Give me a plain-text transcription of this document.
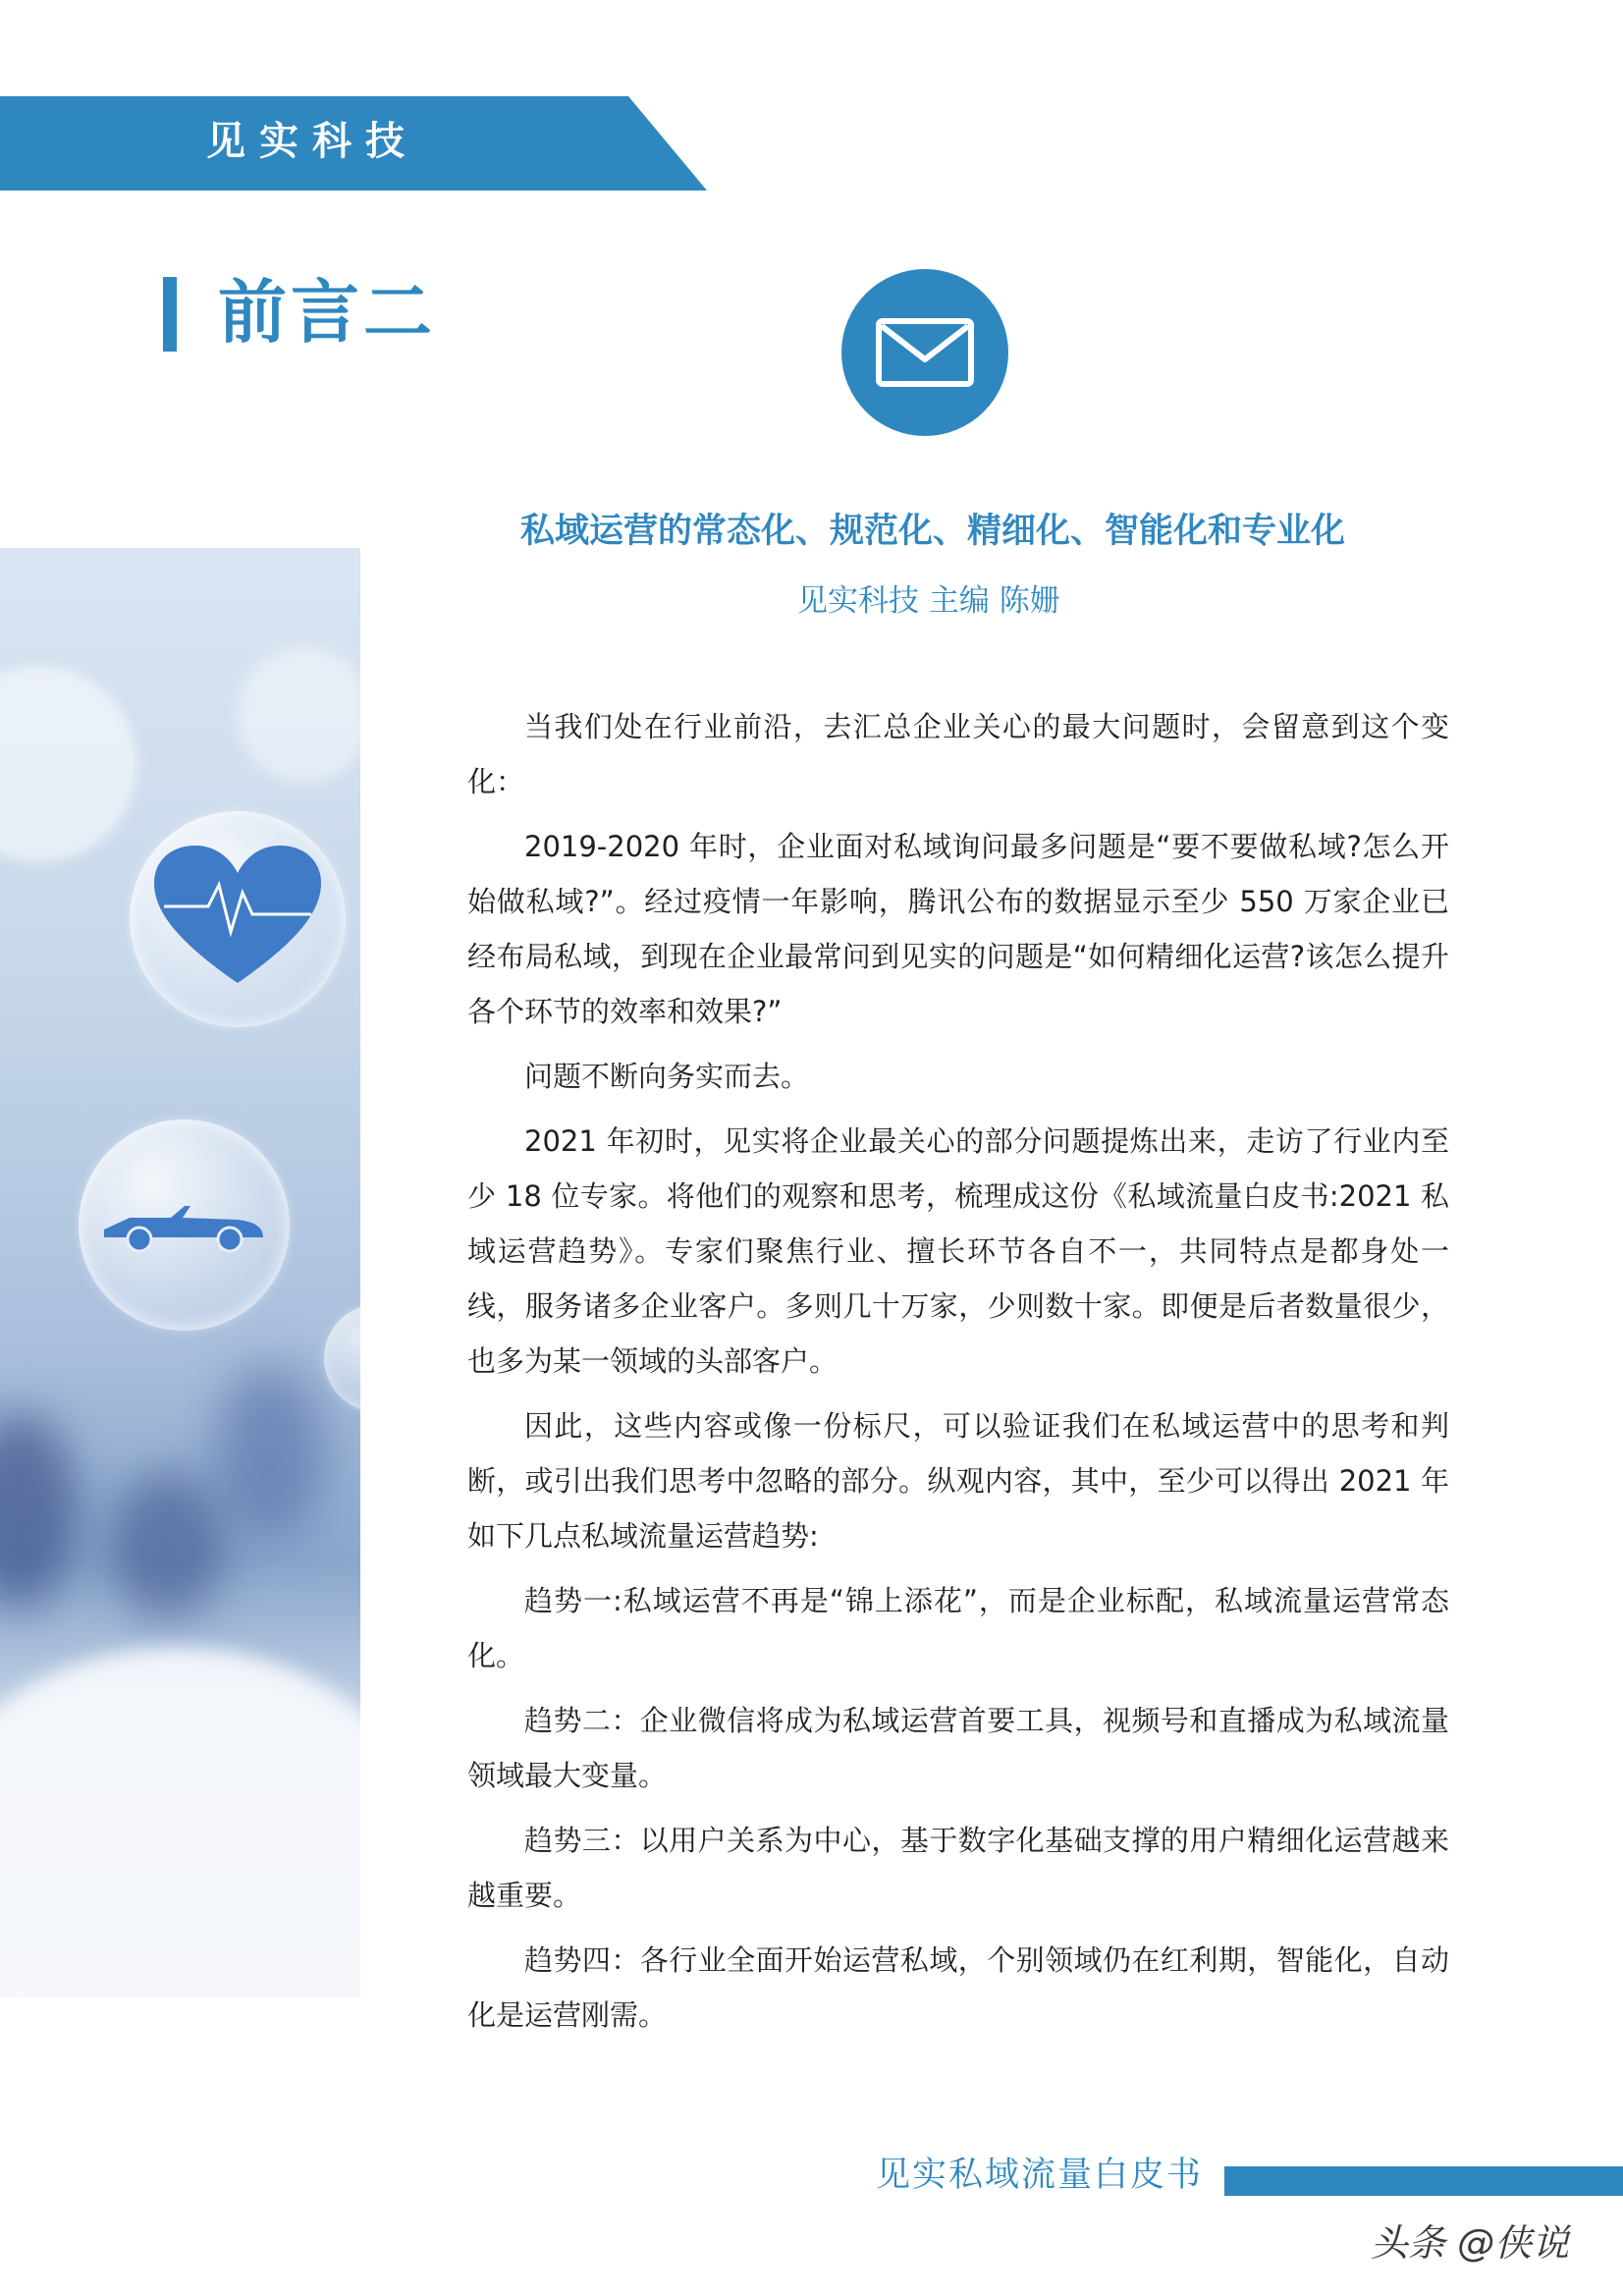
见实科技
前言二
私域运营的常态化、规范化、精细化、智能化和专业化
见实科技 主编 陈姗

当我们处在行业前沿，去汇总企业关心的最大问题时，会留意到这个变化：

2019-2020 年时，企业面对私域询问最多问题是“要不要做私域?怎么开始做私域?”。经过疫情一年影响，腾讯公布的数据显示至少 550 万家企业已经布局私域，到现在企业最常问到见实的问题是“如何精细化运营?该怎么提升各个环节的效率和效果?”

问题不断向务实而去。

2021 年初时，见实将企业最关心的部分问题提炼出来，走访了行业内至少 18 位专家。将他们的观察和思考，梳理成这份《私域流量白皮书:2021 私域运营趋势》。专家们聚焦行业、擅长环节各自不一，共同特点是都身处一线，服务诸多企业客户。多则几十万家，少则数十家。即便是后者数量很少，也多为某一领域的头部客户。

因此，这些内容或像一份标尺，可以验证我们在私域运营中的思考和判断，或引出我们思考中忽略的部分。纵观内容，其中，至少可以得出 2021 年如下几点私域流量运营趋势:

趋势一:私域运营不再是“锦上添花”，而是企业标配，私域流量运营常态化。

趋势二：企业微信将成为私域运营首要工具，视频号和直播成为私域流量领域最大变量。

趋势三：以用户关系为中心，基于数字化基础支撑的用户精细化运营越来越重要。

趋势四：各行业全面开始运营私域，个别领域仍在红利期，智能化，自动化是运营刚需。

见实私域流量白皮书
头条 @侠说
